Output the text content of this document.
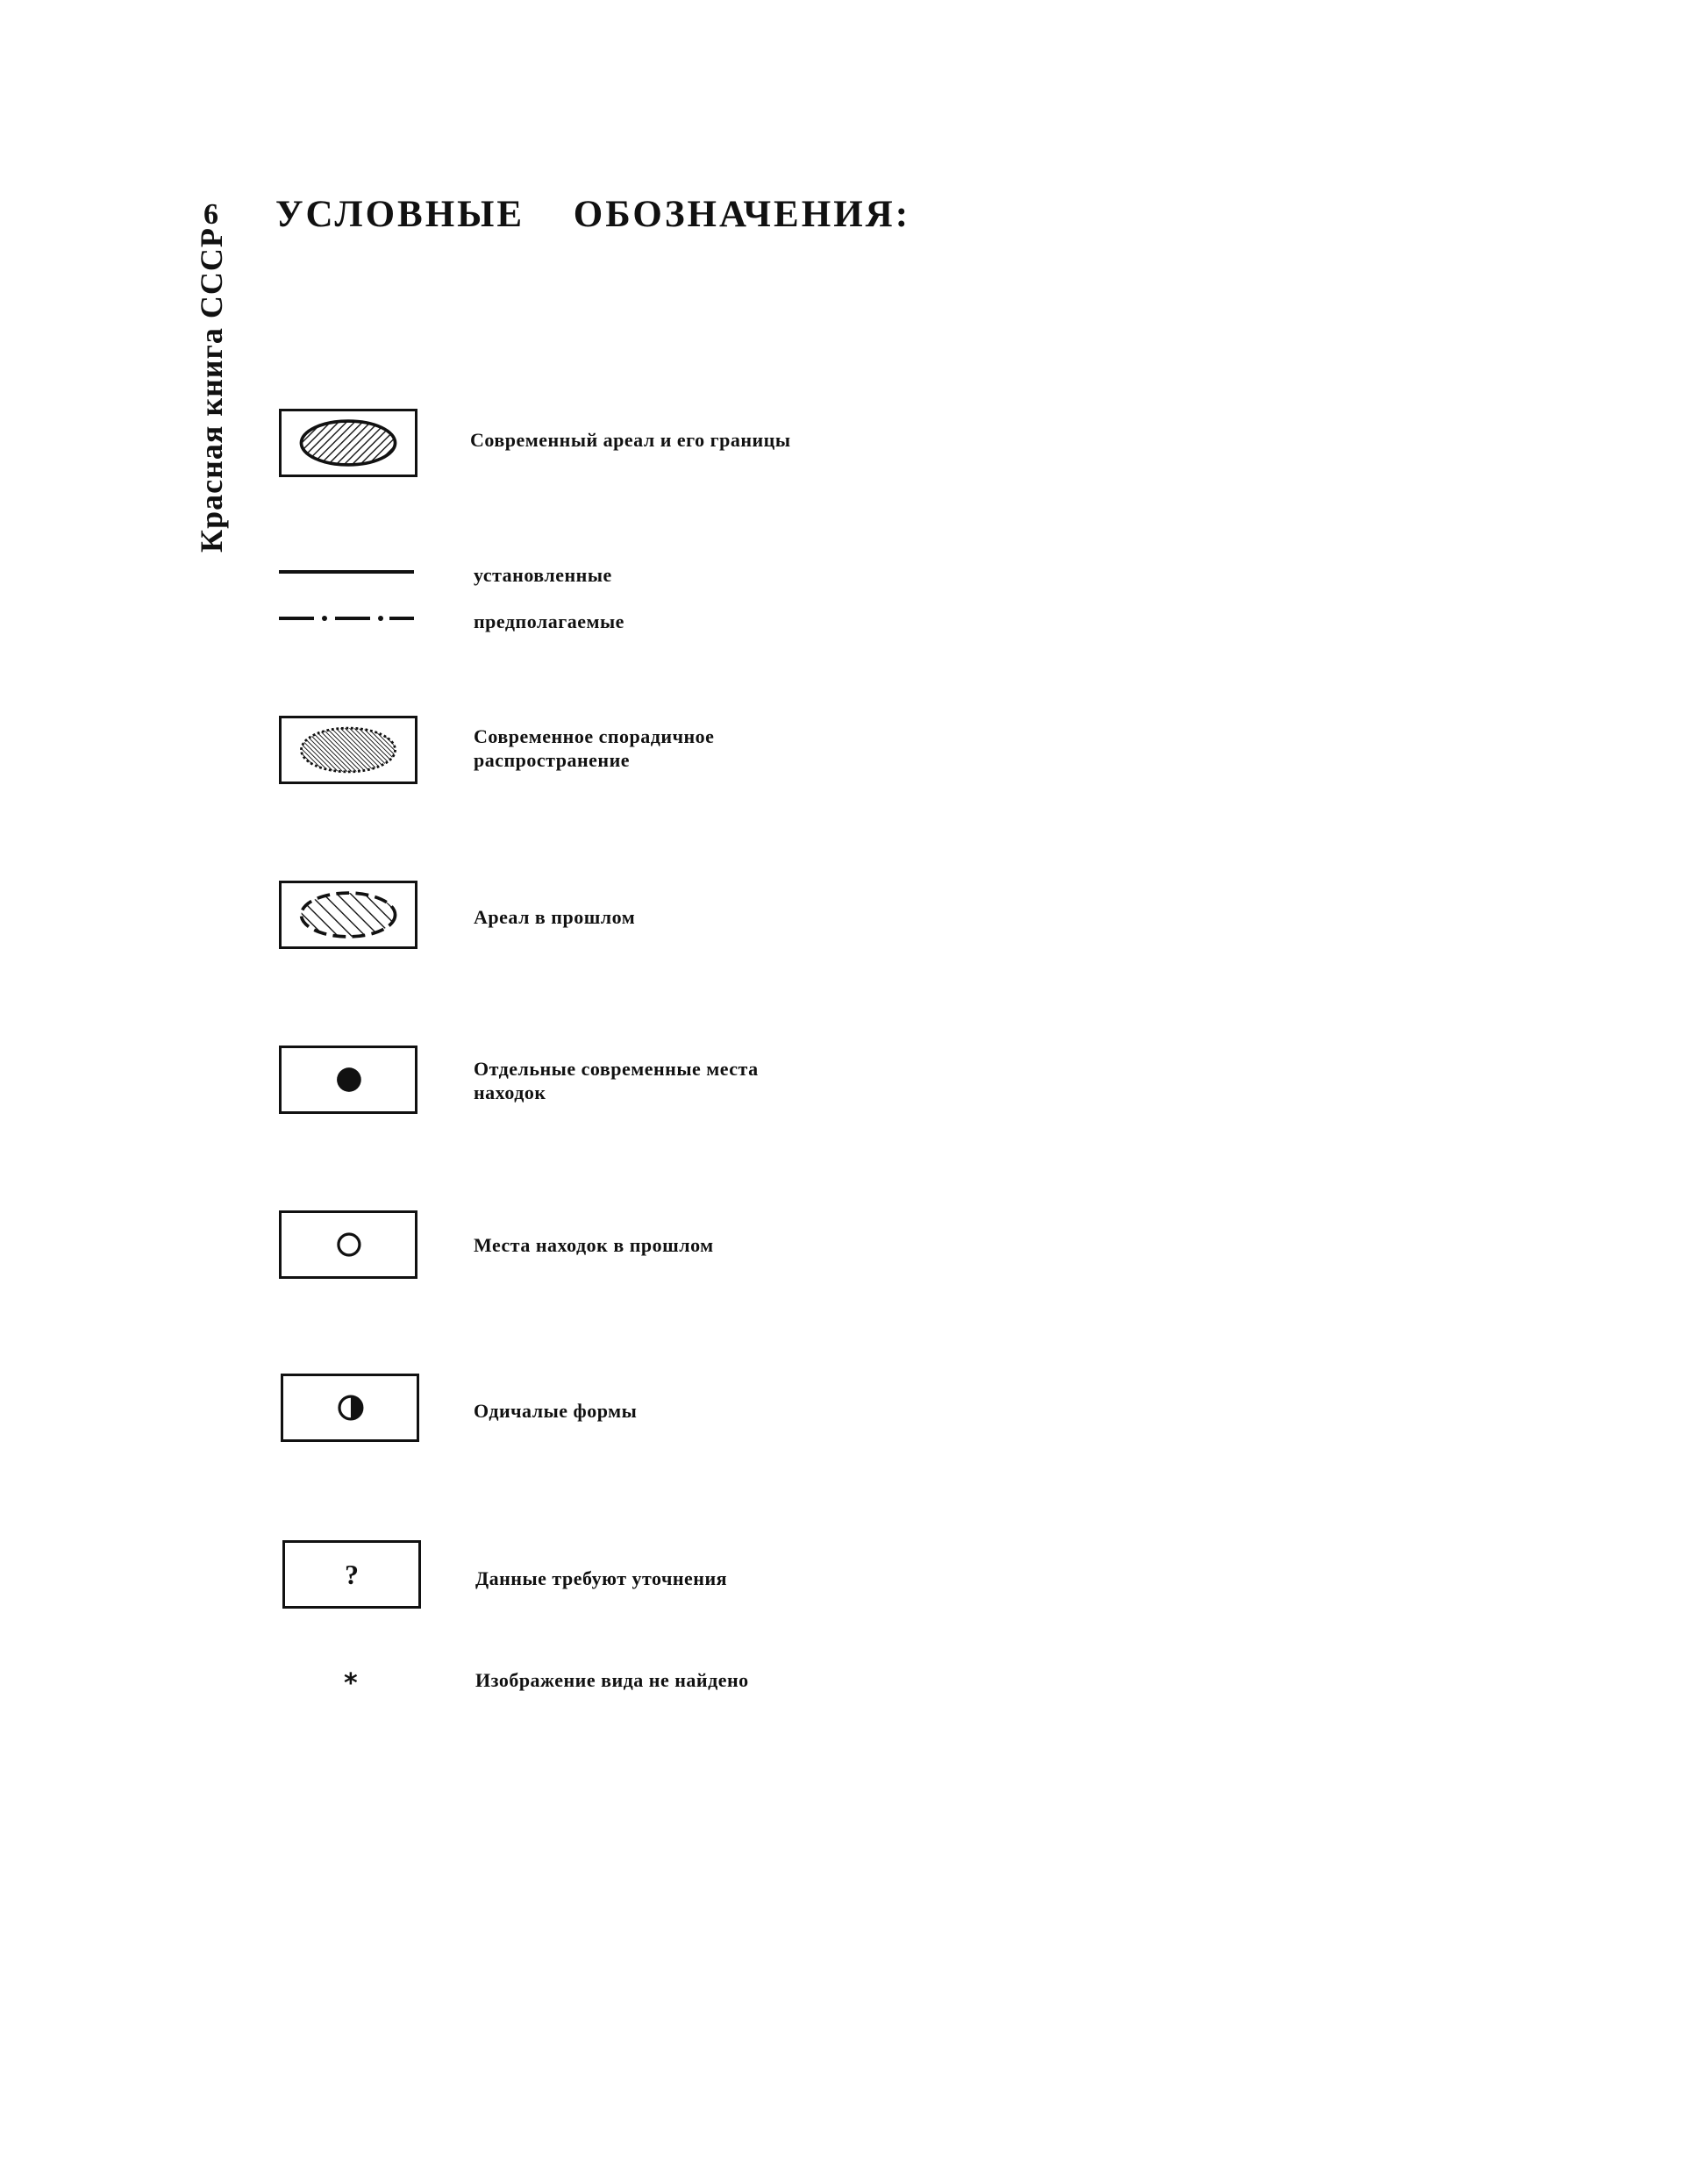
6
Красная книга СССР
УСЛОВНЫЕ ОБОЗНАЧЕНИЯ:
Современный ареал и его границы
установленные
предполагаемые
Современное спорадичное
распространение
Ареал в прошлом
Отдельные современные места
находок
Места находок в прошлом
Одичалые формы
?	Данные требуют уточнения
*	Изображение вида не найдено
